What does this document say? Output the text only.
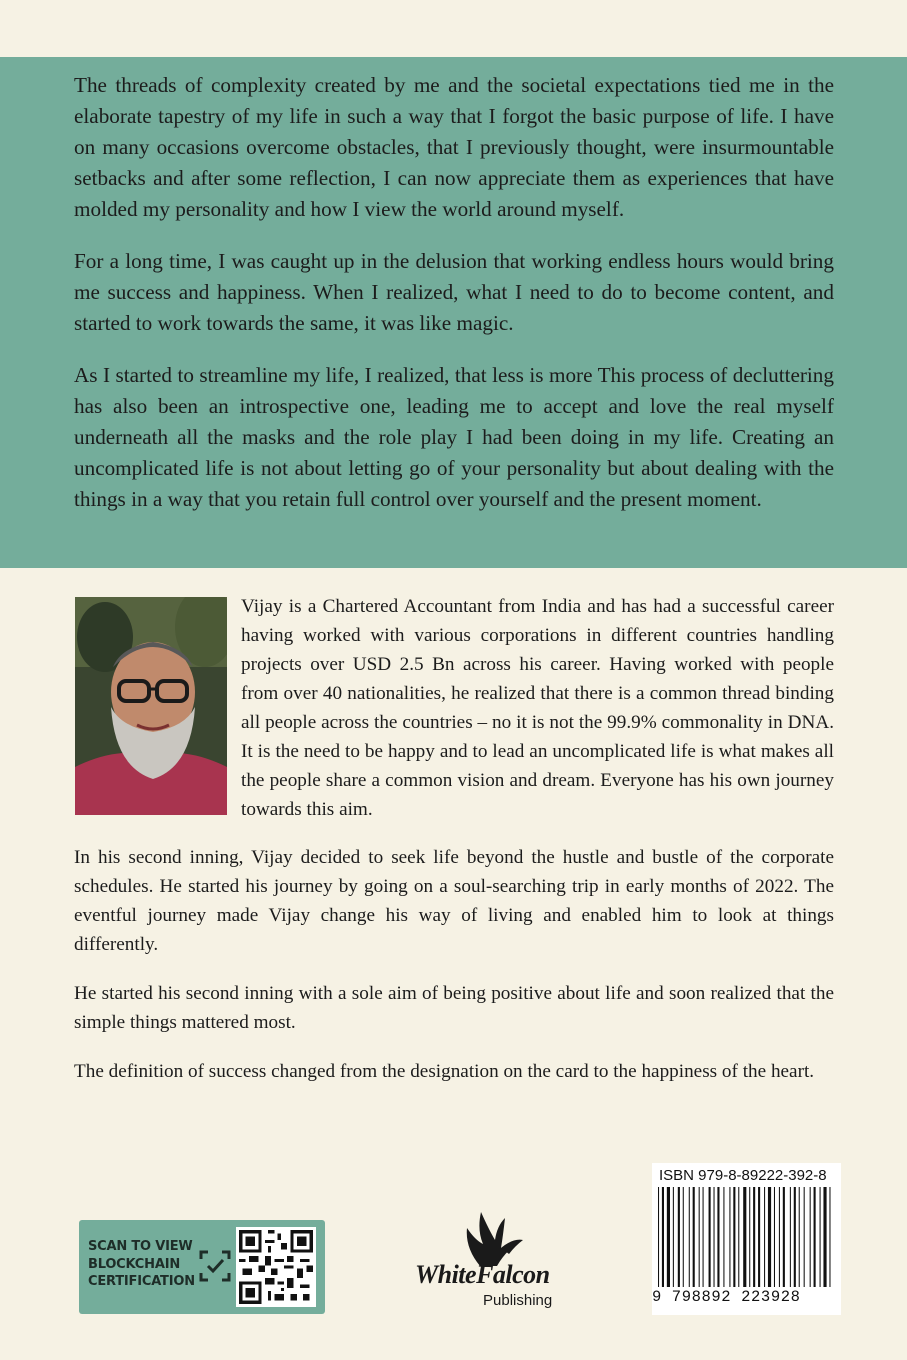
The threads of complexity created by me and the societal expectations tied me in the elaborate tapestry of my life in such a way that I forgot the basic purpose of life. I have on many occasions overcome obstacles, that I previously thought, were insurmountable setbacks and after some reflection, I can now appreciate them as experiences that have molded my personality and how I view the world around myself.

For a long time, I was caught up in the delusion that working endless hours would bring me success and happiness. When I realized, what I need to do to become content, and started to work towards the same, it was like magic.

As I started to streamline my life, I realized, that less is more This process of decluttering has also been an introspective one, leading me to accept and love the real myself underneath all the masks and the role play I had been doing in my life. Creating an uncomplicated life is not about letting go of your personality but about dealing with the things in a way that you retain full control over yourself and the present moment.

Vijay is a Chartered Accountant from India and has had a successful career having worked with various corporations in different countries handling projects over USD 2.5 Bn across his career. Having worked with people from over 40 nationalities, he realized that there is a common thread binding all people across the countries – no it is not the 99.9% commonality in DNA. It is the need to be happy and to lead an uncomplicated life is what makes all the people share a common vision and dream. Everyone has his own journey towards this aim.

In his second inning, Vijay decided to seek life beyond the hustle and bustle of the corporate schedules. He started his journey by going on a soul-searching trip in early months of 2022. The eventful journey made Vijay change his way of living and enabled him to look at things differently.

He started his second inning with a sole aim of being positive about life and soon realized that the simple things mattered most.

The definition of success changed from the designation on the card to the happiness of the heart.

SCAN TO VIEW
BLOCKCHAIN
CERTIFICATION	WhiteFalcon
Publishing
ISBN 979-8-89222-392-8
9 798892 223928
